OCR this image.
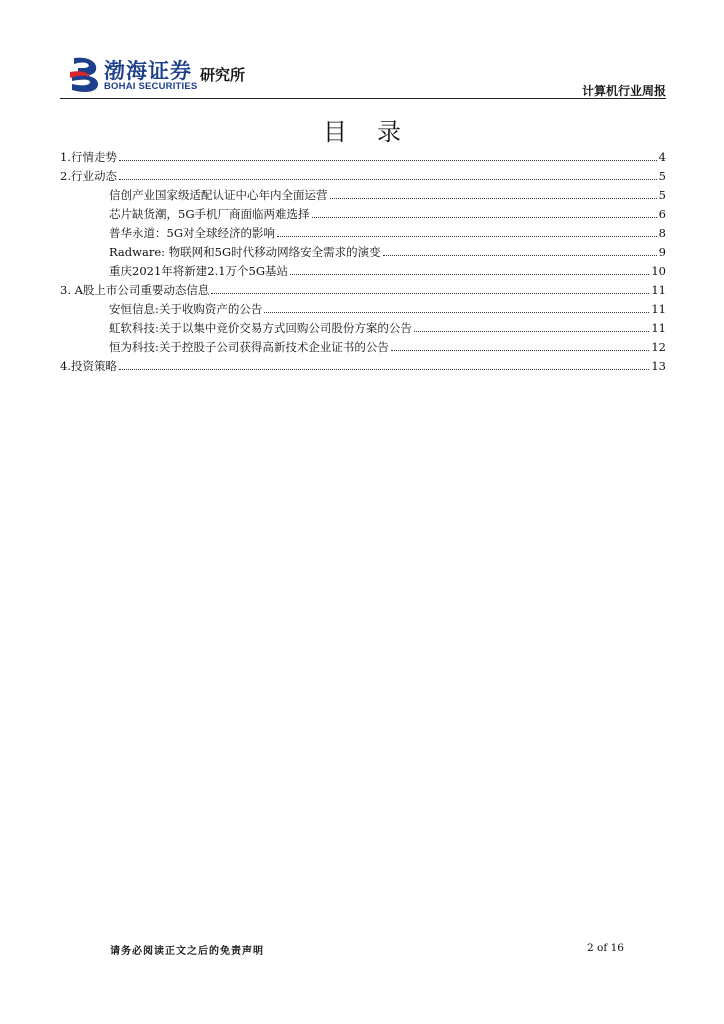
渤海证券
BOHAI SECURITIES
研究所
计算机行业周报
目录
1.行情走势	4
2.行业动态	5
信创产业国家级适配认证中心年内全面运营	5
芯片缺货潮，5G手机厂商面临两难选择	6
普华永道：5G对全球经济的影响	8
Radware: 物联网和5G时代移动网络安全需求的演变	9
重庆2021年将新建2.1万个5G基站	10
3. A股上市公司重要动态信息	11
安恒信息:关于收购资产的公告	11
虹软科技:关于以集中竞价交易方式回购公司股份方案的公告	11
恒为科技:关于控股子公司获得高新技术企业证书的公告	12
4.投资策略	13
请务必阅读正文之后的免责声明	2 of 16
